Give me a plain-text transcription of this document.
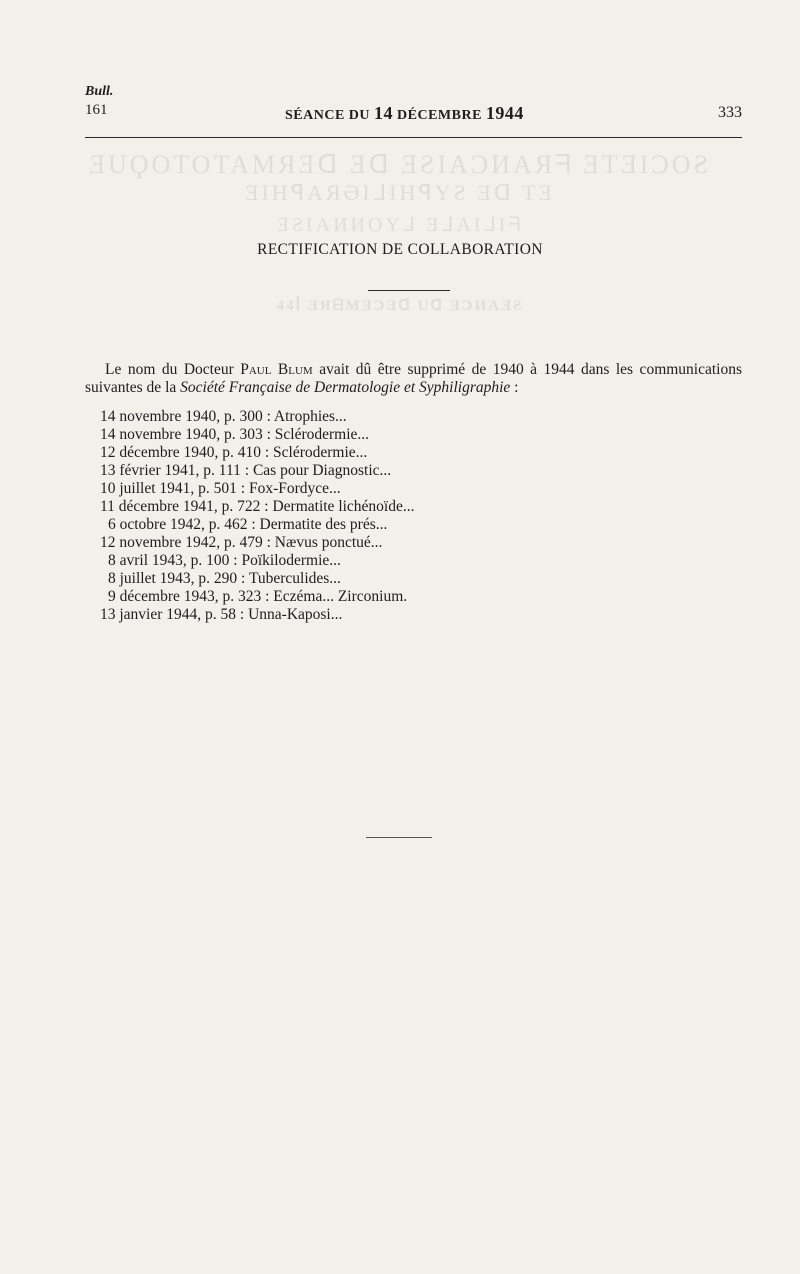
ƎUϘOTOTAMЯƎᗡ Ǝᗡ ƎƧIAϽИAЯᖷ ƎTƎIϽOƧ
ƎIHꟼAЯӘIᒧIHꟼYƧ Ǝᗡ TƎ
ƎƧIAИИOYᒧ ƎᒧAIᒧIᖷ
44ꟾ ƎЯᗺMƎϽƎᗡ Uᗡ ƎϽИAƎƧ
Bull.
161	SÉANCE DU 14 DÉCEMBRE 1944	333
RECTIFICATION DE COLLABORATION

Le nom du Docteur Paul Blum avait dû être supprimé de 1940 à 1944 dans les communications suivantes de la Société Française de Dermatologie et Syphiligraphie :

14 novembre 1940, p. 300 : Atrophies...
14 novembre 1940, p. 303 : Sclérodermie...
12 décembre 1940, p. 410 : Sclérodermie...
13 février 1941, p. 111 : Cas pour Diagnostic...
10 juillet 1941, p. 501 : Fox-Fordyce...
11 décembre 1941, p. 722 : Dermatite lichénoïde...
6 octobre 1942, p. 462 : Dermatite des prés...
12 novembre 1942, p. 479 : Nævus ponctué...
8 avril 1943, p. 100 : Poïkilodermie...
8 juillet 1943, p. 290 : Tuberculides...
9 décembre 1943, p. 323 : Eczéma... Zirconium.
13 janvier 1944, p. 58 : Unna-Kaposi...
